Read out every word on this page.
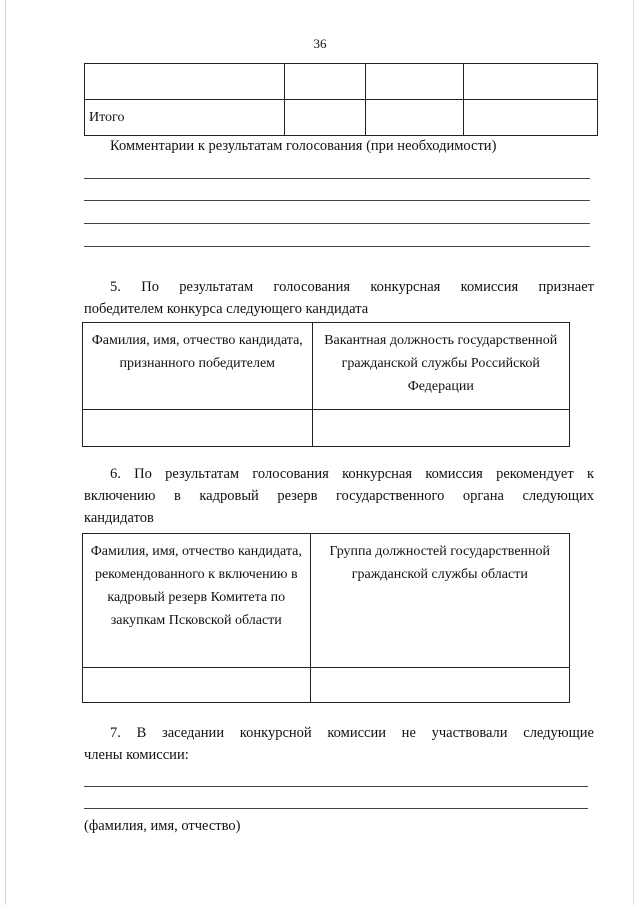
36

Итого			
Комментарии к результатам голосования (при необходимости)

5. По результатам голосования конкурсная комиссия признает

победителем конкурса следующего кандидата

Фамилия, имя, отчество кандидата, признанного победителем	Вакантная должность государственной гражданской службы Российской Федерации

6. По результатам голосования конкурсная комиссия рекомендует к

включению в кадровый резерв государственного органа следующих

кандидатов

Фамилия, имя, отчество кандидата, рекомендованного к включению в кадровый резерв Комитета по закупкам Псковской области	Группа должностей государственной гражданской службы области

7. В заседании конкурсной комиссии не участвовали следующие

члены комиссии:

(фамилия, имя, отчество)
